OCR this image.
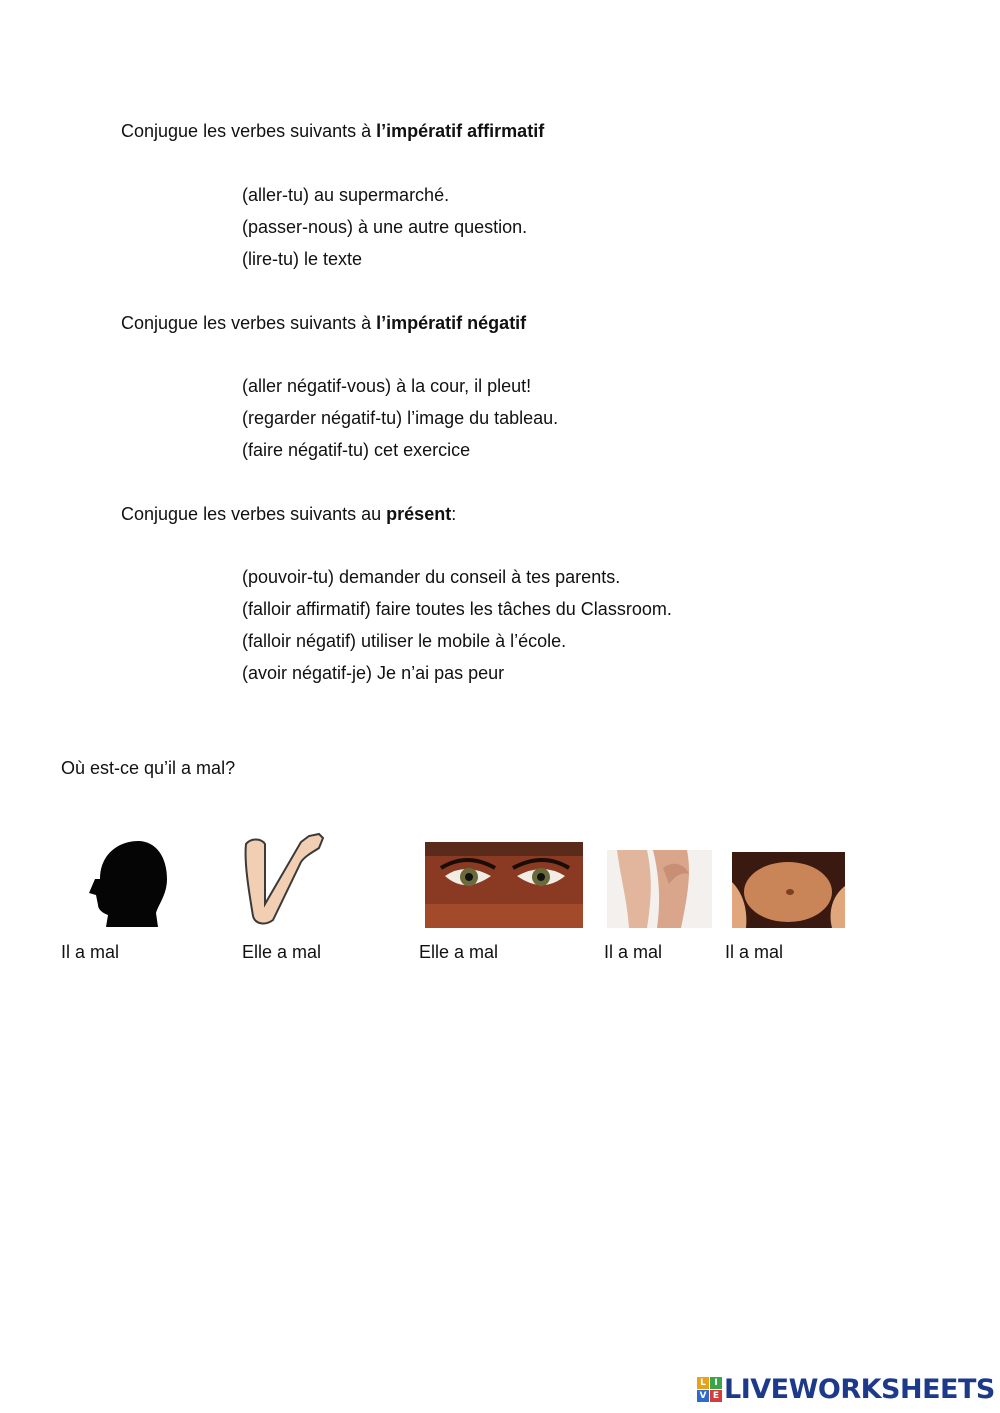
Conjugue les verbes suivants à l’impératif affirmatif
(aller-tu) au supermarché.
(passer-nous) à une autre question.
(lire-tu) le texte
Conjugue les verbes suivants à l’impératif négatif
(aller négatif-vous) à la cour, il pleut!
(regarder négatif-tu) l’image du tableau.
(faire négatif-tu) cet exercice
Conjugue les verbes suivants au présent:
(pouvoir-tu) demander du conseil à tes parents.
(falloir affirmatif) faire toutes les tâches du Classroom.
(falloir négatif) utiliser le mobile à l’école.
(avoir négatif-je) Je n’ai pas peur
Où est-ce qu’il a mal?
Il a mal	Elle a mal	Elle a mal	Il a mal	Il a mal
L I
V E LIVEWORKSHEETS
